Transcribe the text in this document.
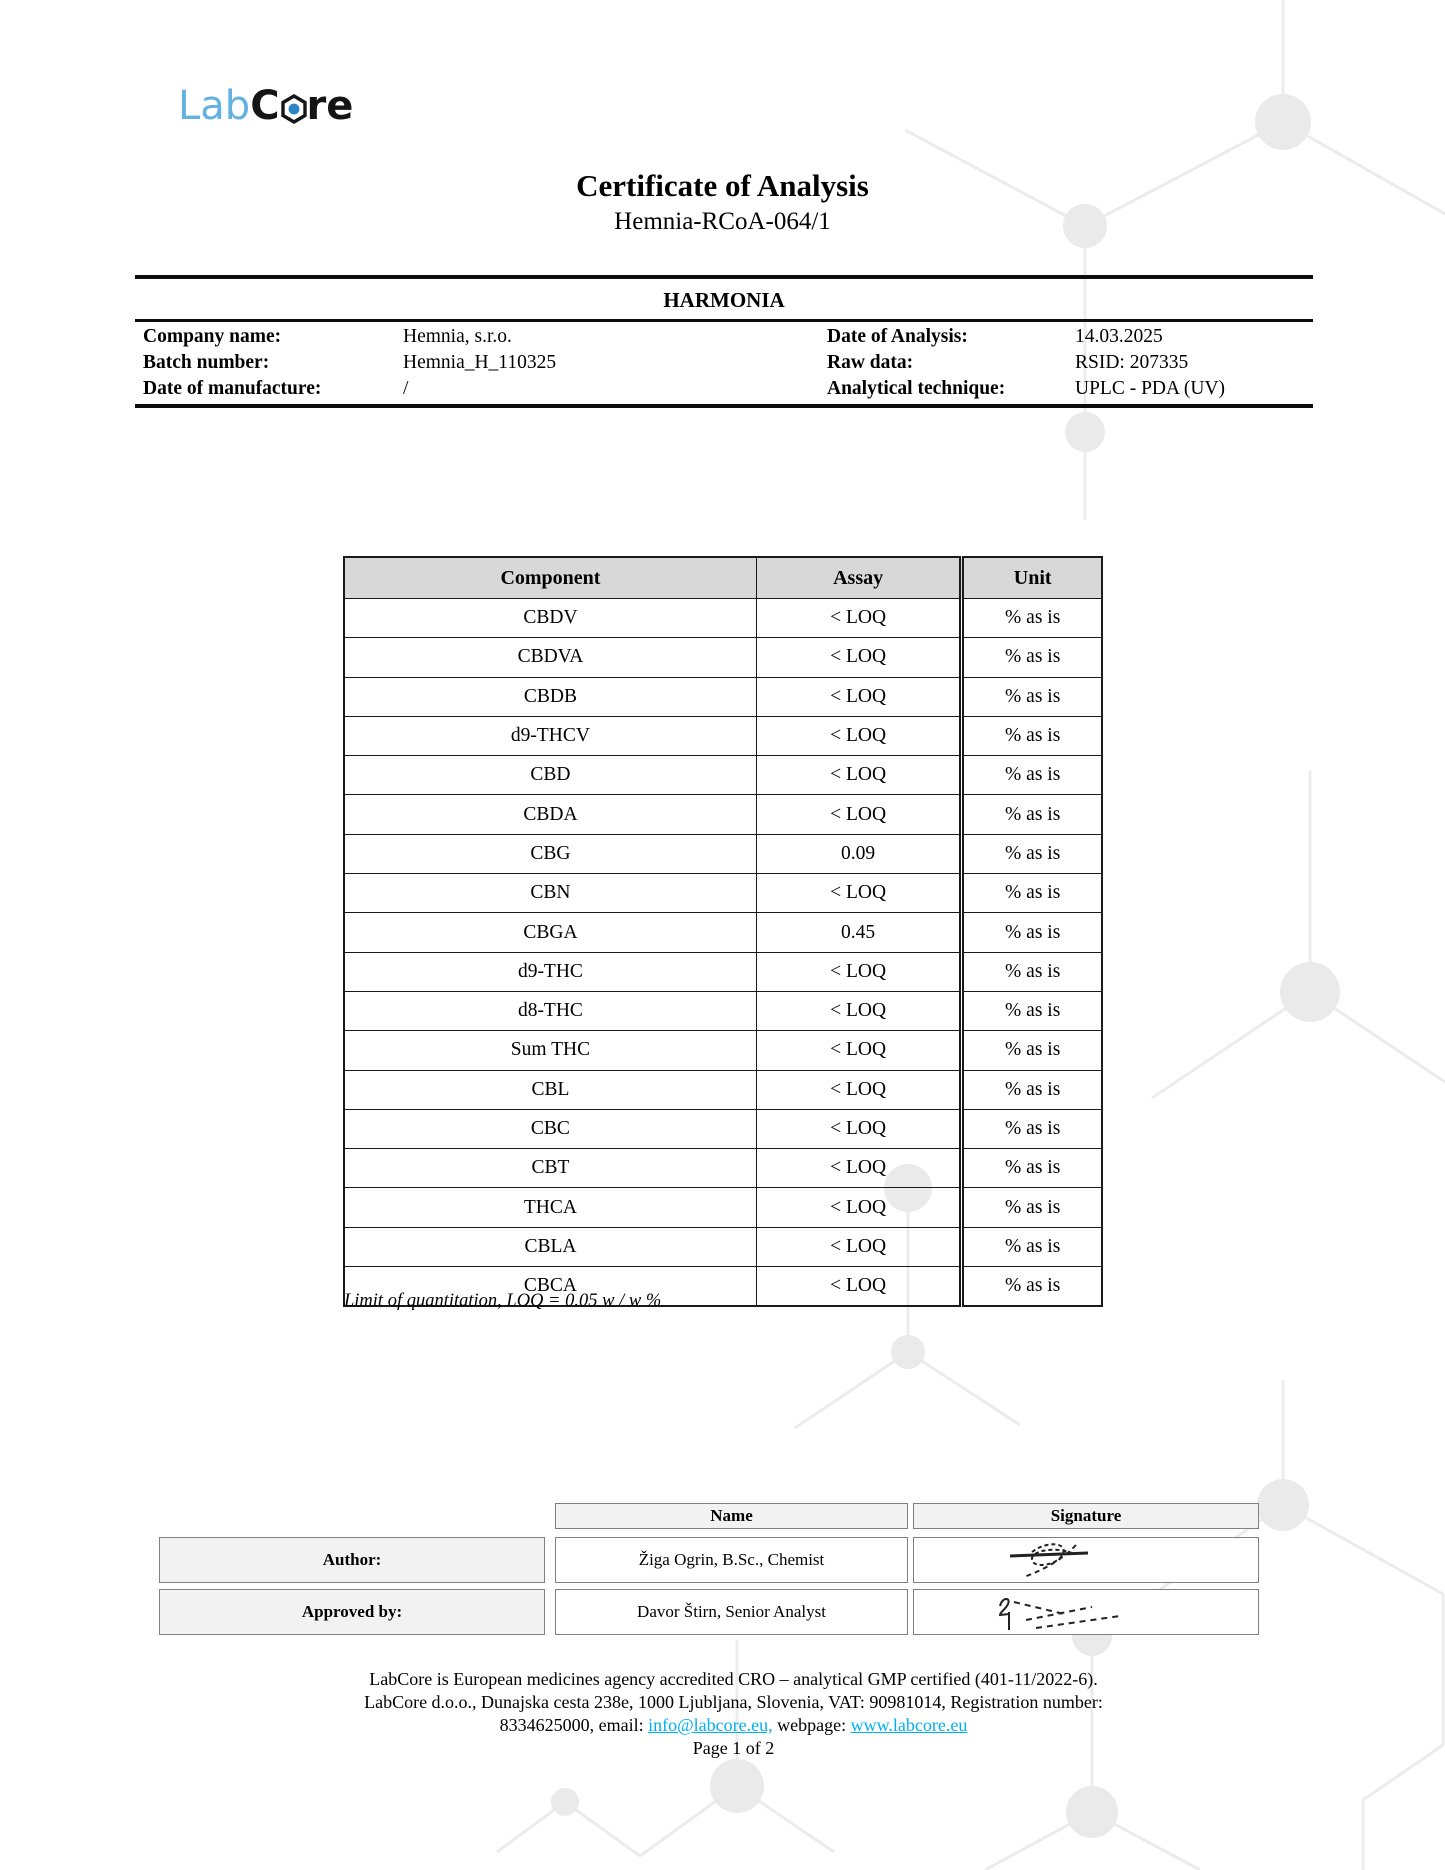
Lab C re
Certificate of Analysis
Hemnia-RCoA-064/1
HARMONIA
Company name:	Hemnia, s.r.o.	Date of Analysis:	14.03.2025
Batch number:	Hemnia_H_110325	Raw data:	RSID: 207335
Date of manufacture:	/	Analytical technique:	UPLC - PDA (UV)
Component	Assay	Unit
CBDV	< LOQ	% as is
CBDVA	< LOQ	% as is
CBDB	< LOQ	% as is
d9-THCV	< LOQ	% as is
CBD	< LOQ	% as is
CBDA	< LOQ	% as is
CBG	0.09	% as is
CBN	< LOQ	% as is
CBGA	0.45	% as is
d9-THC	< LOQ	% as is
d8-THC	< LOQ	% as is
Sum THC	< LOQ	% as is
CBL	< LOQ	% as is
CBC	< LOQ	% as is
CBT	< LOQ	% as is
THCA	< LOQ	% as is
CBLA	< LOQ	% as is
CBCA	< LOQ	% as is
Limit of quantitation, LOQ = 0.05 w / w %
Name	Signature
Author:	Žiga Ogrin, B.Sc., Chemist
Approved by:	Davor Štirn, Senior Analyst
LabCore is European medicines agency accredited CRO – analytical GMP certified (401-11/2022-6).
LabCore d.o.o., Dunajska cesta 238e, 1000 Ljubljana, Slovenia, VAT: 90981014, Registration number:
8334625000, email: info@labcore.eu, webpage: www.labcore.eu
Page 1 of 2
